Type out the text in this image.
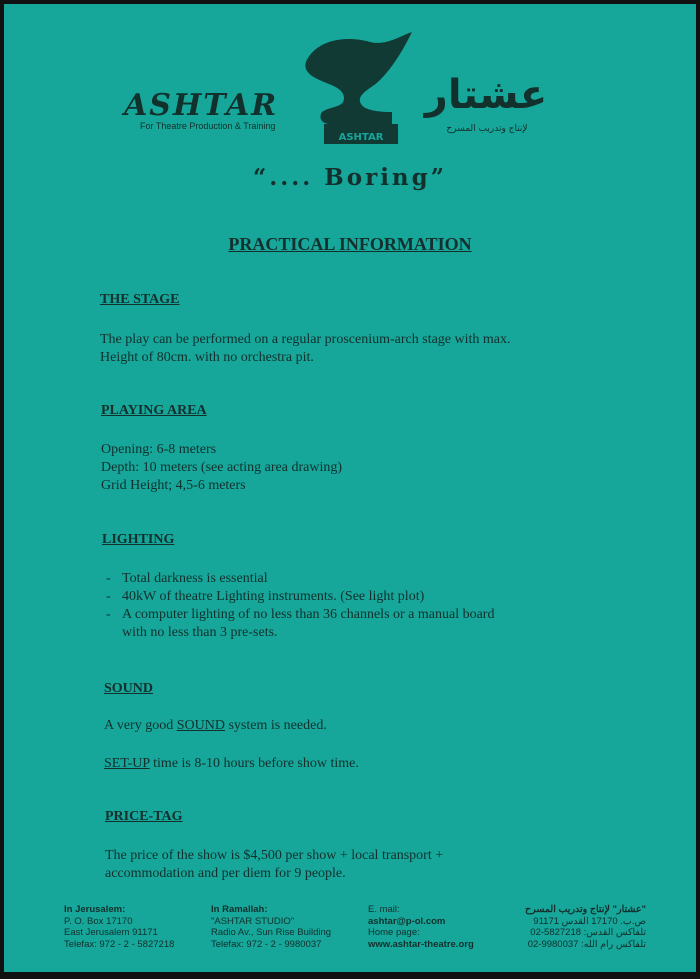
ASHTAR
For Theatre Production & Training
ASHTAR
عشتار
لإنتاج وتدريب المسرح
“.... Boring”
PRACTICAL INFORMATION
THE STAGE
The play can be performed on a regular proscenium-arch stage with max.
Height of 80cm. with no orchestra pit.
PLAYING AREA
Opening: 6-8 meters
Depth: 10 meters (see acting area drawing)
Grid Height; 4,5-6 meters
LIGHTING
- Total darkness is essential
- 40kW of theatre Lighting instruments. (See light plot)
- A computer lighting of no less than 36 channels or a manual board
with no less than 3 pre-sets.
SOUND
A very good SOUND system is needed.
SET-UP time is 8-10 hours before show time.
PRICE-TAG
The price of the show is $4,500 per show + local transport +
accommodation and per diem for 9 people.
In Jerusalem:
P. O. Box 17170
East Jerusalem 91171
Telefax: 972 - 2 - 5827218
In Ramallah:
"ASHTAR STUDIO"
Radio Av., Sun Rise Building
Telefax: 972 - 2 - 9980037
E. mail:
ashtar@p-ol.com
Home page:
www.ashtar-theatre.org
"عشتار" لإنتاج وتدريب المسرح
ص.ب. 17170 القدس 91171
تلفاكس القدس: 5827218-02
تلفاكس رام الله: 9980037-02
